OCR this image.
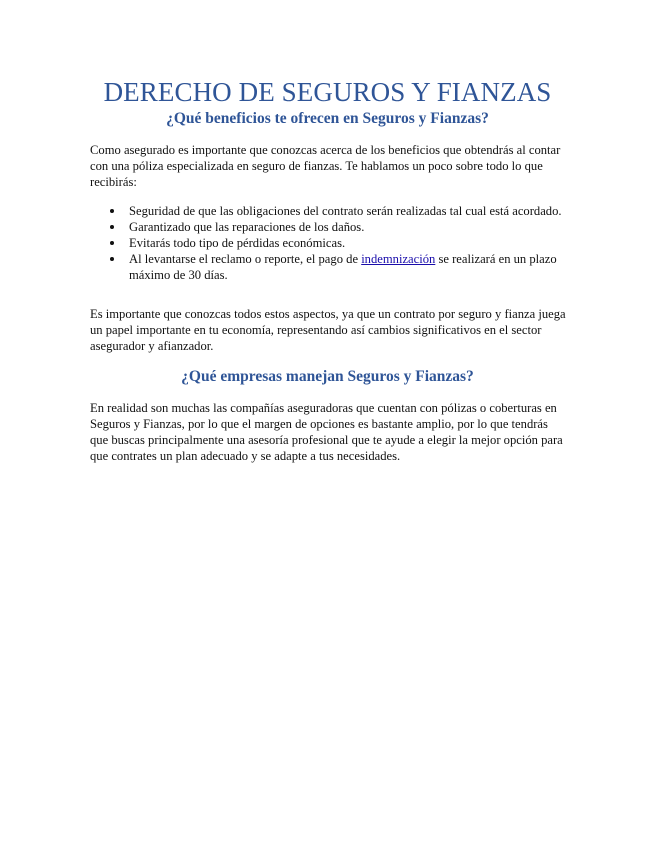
DERECHO DE SEGUROS Y FIANZAS
¿Qué beneficios te ofrecen en Seguros y Fianzas?

Como asegurado es importante que conozcas acerca de los beneficios que obtendrás al contar con una póliza especializada en seguro de fianzas. Te hablamos un poco sobre todo lo que recibirás:

Seguridad de que las obligaciones del contrato serán realizadas tal cual está acordado.
Garantizado que las reparaciones de los daños.
Evitarás todo tipo de pérdidas económicas.
Al levantarse el reclamo o reporte, el pago de indemnización se realizará en un plazo máximo de 30 días.

Es importante que conozcas todos estos aspectos, ya que un contrato por seguro y fianza juega un papel importante en tu economía, representando así cambios significativos en el sector asegurador y afianzador.

¿Qué empresas manejan Seguros y Fianzas?

En realidad son muchas las compañías aseguradoras que cuentan con pólizas o coberturas en Seguros y Fianzas, por lo que el margen de opciones es bastante amplio, por lo que tendrás que buscas principalmente una asesoría profesional que te ayude a elegir la mejor opción para que contrates un plan adecuado y se adapte a tus necesidades.
